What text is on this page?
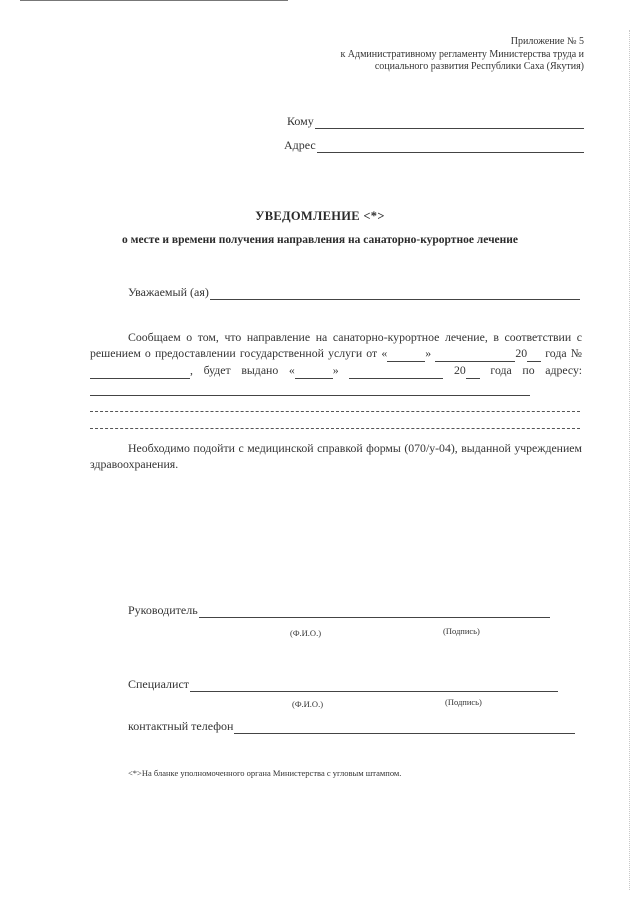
Приложение № 5
к Административному регламенту Министерства труда и
социального развития Республики Саха (Якутия)
Кому
Адрес
УВЕДОМЛЕНИЕ <*>
о месте и времени получения направления на санаторно-курортное лечение
Уважаемый (ая)
Сообщаем о том, что направление на санаторно-курортное лечение, в соответствии с решением о предоставлении государственной услуги от «	»	20 года №  , будет выдано «	»	20 года по адресу:
Необходимо подойти с медицинской справкой формы (070/у-04), выданной учреждением здравоохранения.
Руководитель
(Ф.И.О.)	(Подпись)
Специалист
(Ф.И.О.)	(Подпись)
контактный телефон
<*>На бланке уполномоченного органа Министерства с угловым штампом.
